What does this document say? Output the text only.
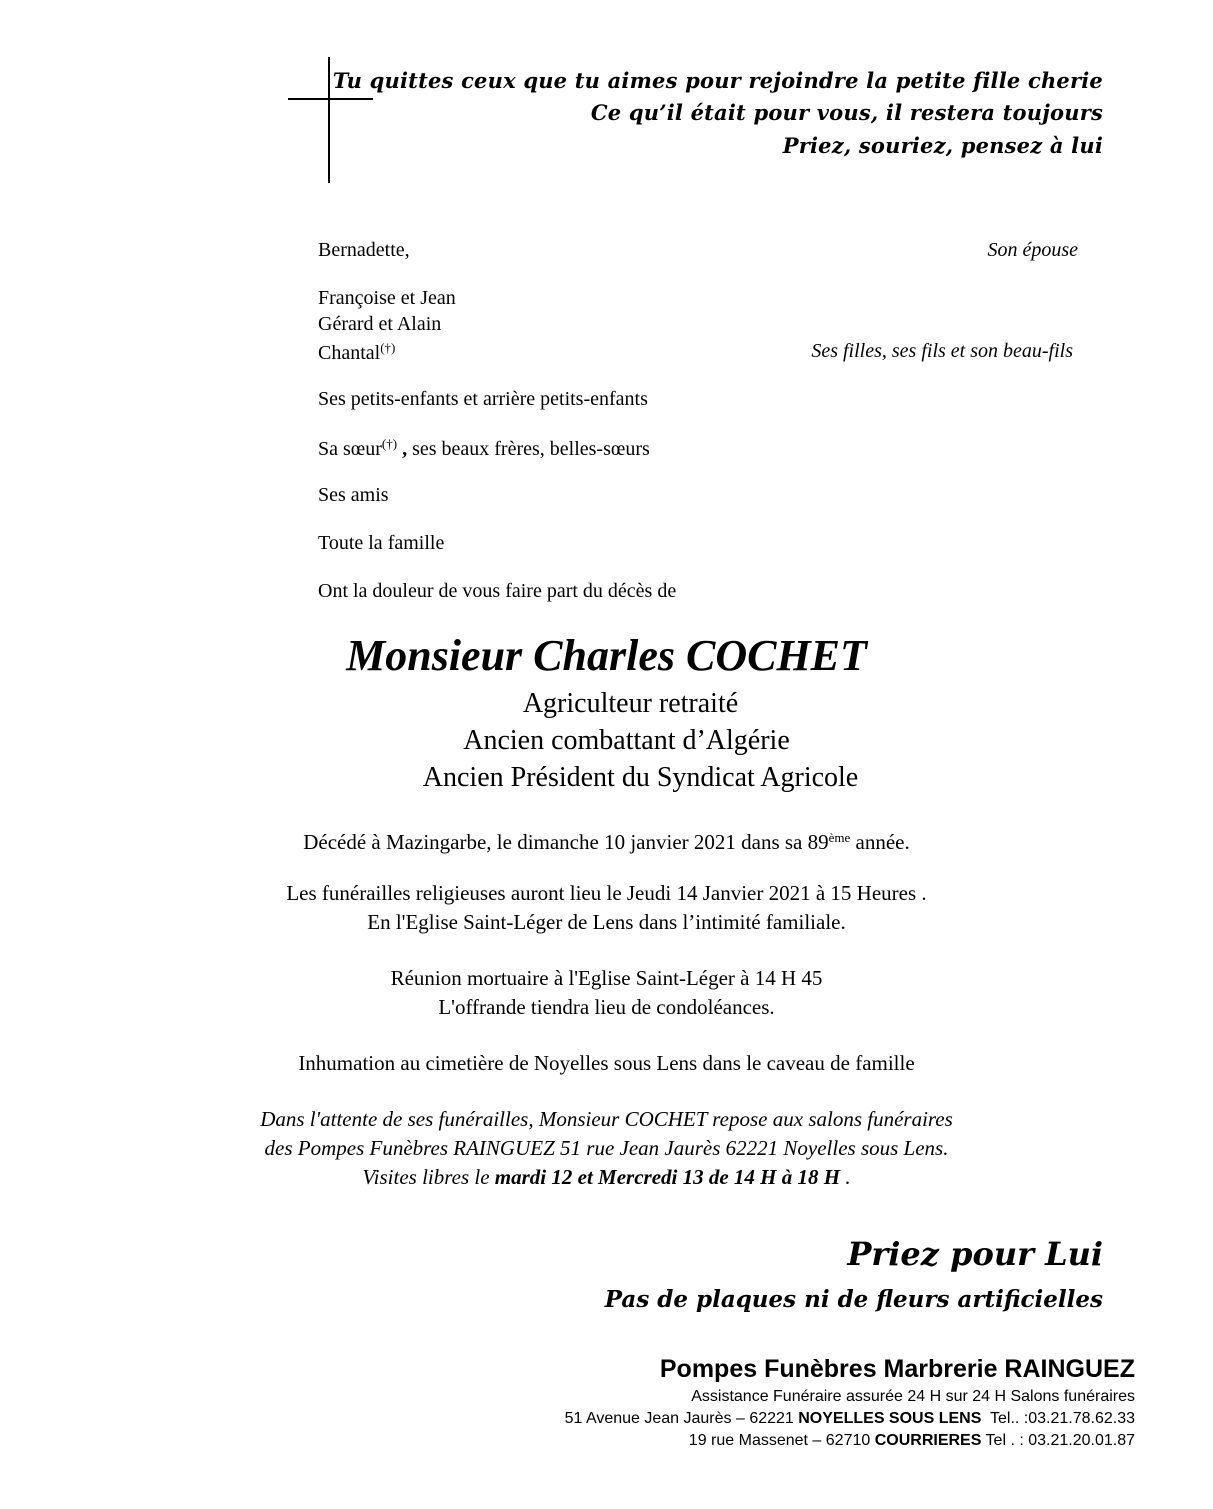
Tu quittes ceux que tu aimes pour rejoindre la petite fille cherie
Ce qu’il était pour vous, il restera toujours
Priez, souriez, pensez à lui
Bernadette,	Son épouse
Françoise et Jean
Gérard et Alain
Chantal(†)	Ses filles, ses fils et son beau-fils
Ses petits-enfants et arrière petits-enfants
Sa sœur(†) , ses beaux frères, belles-sœurs
Ses amis
Toute la famille
Ont la douleur de vous faire part du décès de
Monsieur Charles COCHET
Agriculteur retraité
Ancien combattant d’Algérie
Ancien Président du Syndicat Agricole
Décédé à Mazingarbe, le dimanche 10 janvier 2021 dans sa 89ème année.
Les funérailles religieuses auront lieu le Jeudi 14 Janvier 2021 à 15 Heures .
En l'Eglise Saint-Léger de Lens dans l’intimité familiale.
Réunion mortuaire à l'Eglise Saint-Léger à 14 H 45
L'offrande tiendra lieu de condoléances.
Inhumation au cimetière de Noyelles sous Lens dans le caveau de famille
Dans l'attente de ses funérailles, Monsieur COCHET repose aux salons funéraires
des Pompes Funèbres RAINGUEZ 51 rue Jean Jaurès 62221 Noyelles sous Lens.
Visites libres le mardi 12 et Mercredi 13 de 14 H à 18 H .
Priez pour Lui
Pas de plaques ni de fleurs artificielles
Pompes Funèbres Marbrerie RAINGUEZ
Assistance Funéraire assurée 24 H sur 24 H Salons funéraires
51 Avenue Jean Jaurès – 62221 NOYELLES SOUS LENS  Tel.. :03.21.78.62.33
19 rue Massenet – 62710 COURRIERES Tel . : 03.21.20.01.87
